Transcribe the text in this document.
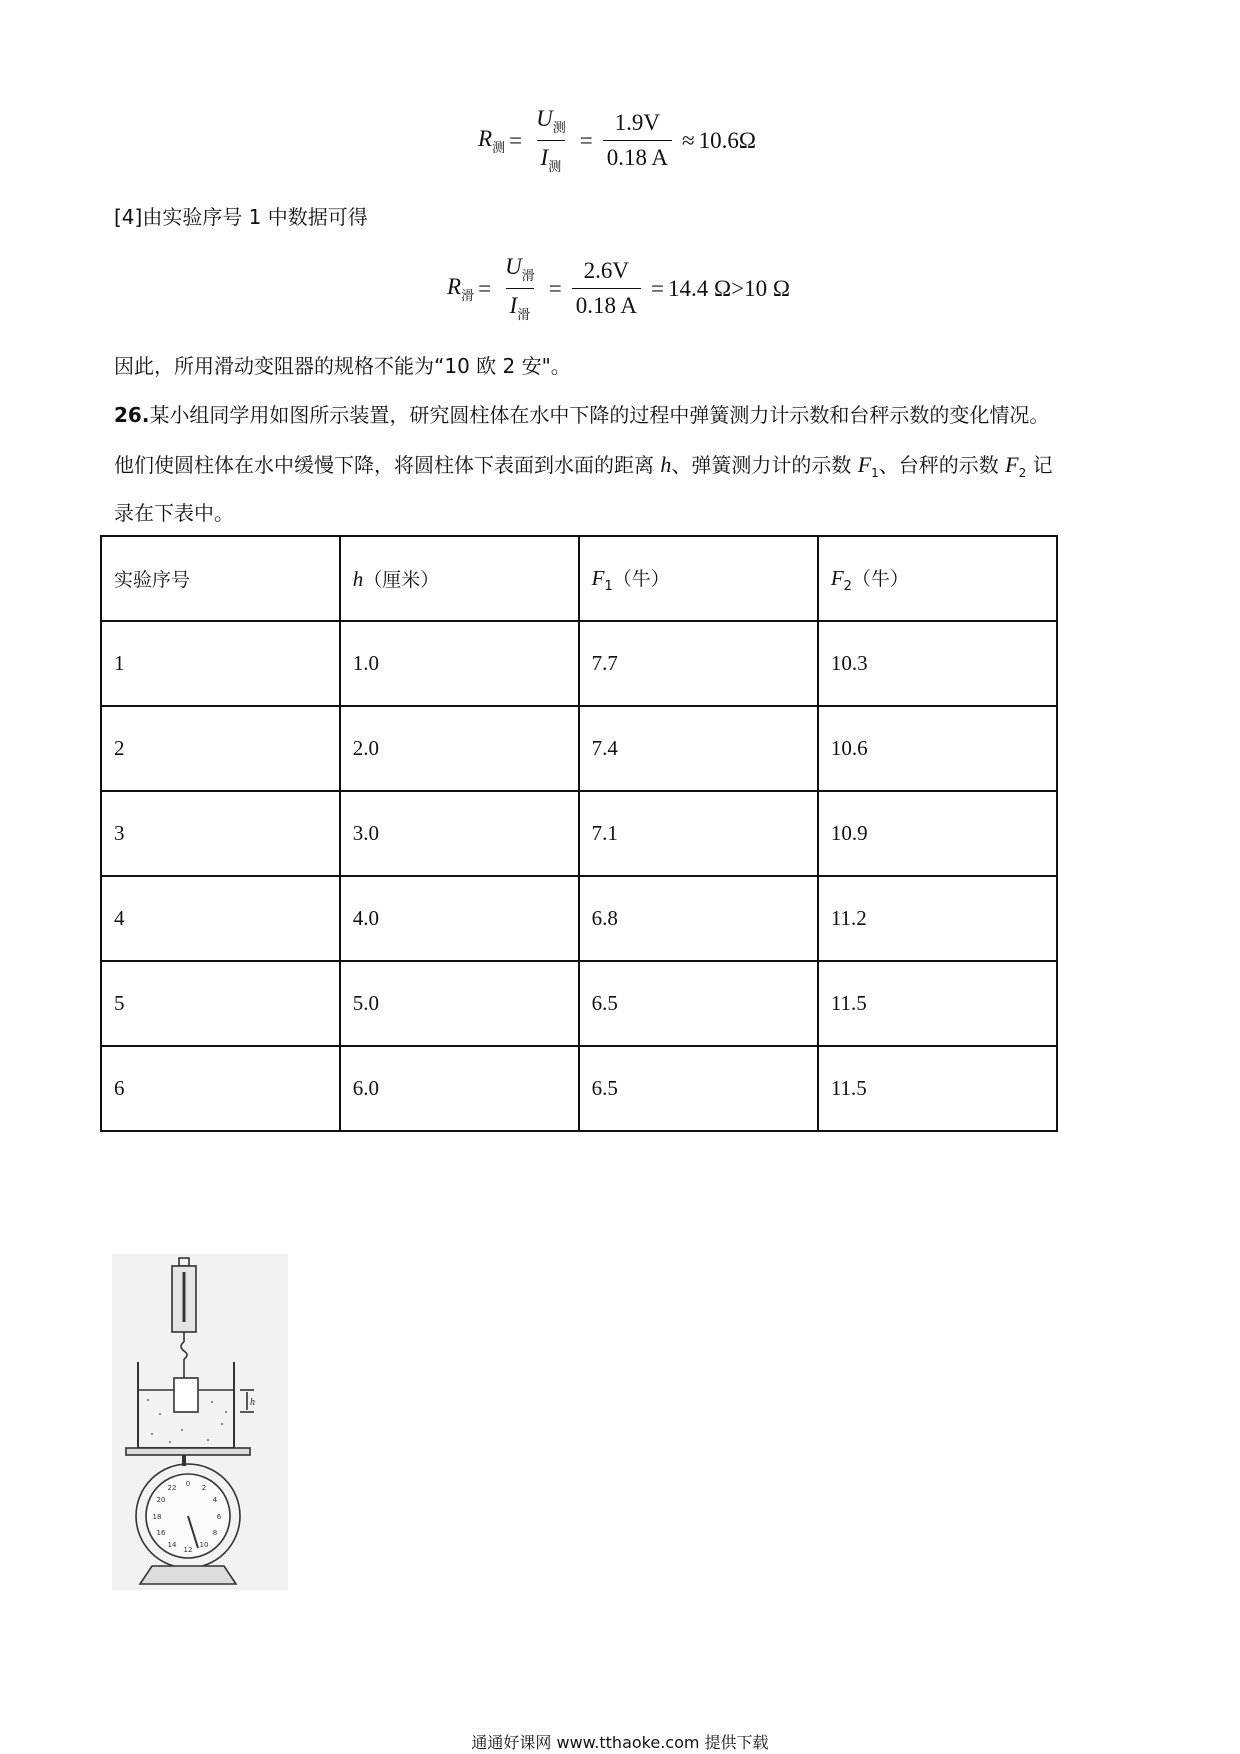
$R_测 = \frac{U_测}{I_测} = \frac{1.9V}{0.18 A} \approx 10.6\Omega$
[4]由实验序号 1 中数据可得
$R_滑 = \frac{U_滑}{I_滑} = \frac{2.6V}{0.18 A} = 14.4$ Ω>10 Ω
因此，所用滑动变阻器的规格不能为“10 欧 2 安"。
26.某小组同学用如图所示装置，研究圆柱体在水中下降的过程中弹簧测力计示数和台秤示数的变化情况。
他们使圆柱体在水中缓慢下降，将圆柱体下表面到水面的距离 h、弹簧测力计的示数 $F_1$、台秤的示数 $F_2$ 记
录在下表中。
实验序号	h（厘米）	$F_1$（牛）	$F_2$（牛）
1	1.0	7.7	10.3
2	2.0	7.4	10.6
3	3.0	7.1	10.9
4	4.0	6.8	11.2
5	5.0	6.5	11.5
6	6.0	6.5	11.5
h
0 2
4
6
8
10
12
14
16
18
20
22
通通好课网 www.tthaoke.com 提供下载
